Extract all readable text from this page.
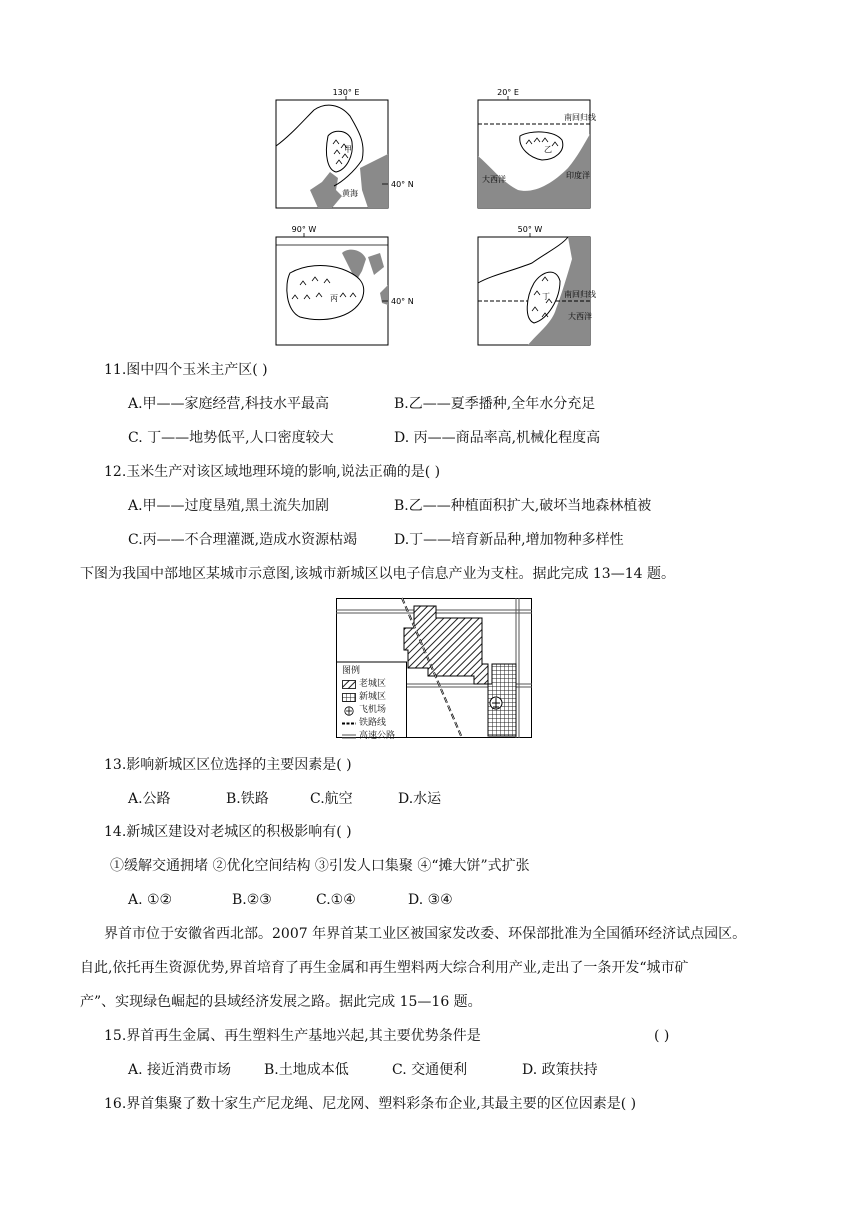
130° E
甲
黄海
40° N
20° E
南回归线
乙
大西洋	印度洋
90° W
丙	40° N
50° W
南回归线
丁
大西洋
11.图中四个玉米主产区( )
A.甲——家庭经营,科技水平最高	B.乙——夏季播种,全年水分充足
C. 丁——地势低平,人口密度较大	D. 丙——商品率高,机械化程度高
12.玉米生产对该区域地理环境的影响,说法正确的是( )
A.甲——过度垦殖,黑土流失加剧	B.乙——种植面积扩大,破坏当地森林植被
C.丙——不合理灌溉,造成水资源枯竭	D.丁——培育新品种,增加物种多样性
下图为我国中部地区某城市示意图,该城市新城区以电子信息产业为支柱。据此完成 13—14 题。
图例
老城区
新城区
飞机场
铁路线
高速公路
13.影响新城区区位选择的主要因素是( )
A.公路	B.铁路	C.航空	D.水运
14.新城区建设对老城区的积极影响有( )
①缓解交通拥堵 ②优化空间结构 ③引发人口集聚 ④“摊大饼”式扩张
A. ①②	B.②③	C.①④	D. ③④
界首市位于安徽省西北部。2007 年界首某工业区被国家发改委、环保部批准为全国循环经济试点园区。
自此,依托再生资源优势,界首培育了再生金属和再生塑料两大综合利用产业,走出了一条开发“城市矿
产”、实现绿色崛起的县域经济发展之路。据此完成 15—16 题。
15.界首再生金属、再生塑料生产基地兴起,其主要优势条件是	( )
A. 接近消费市场 B.土地成本低	C. 交通便利	D. 政策扶持
16.界首集聚了数十家生产尼龙绳、尼龙网、塑料彩条布企业,其最主要的区位因素是( )
